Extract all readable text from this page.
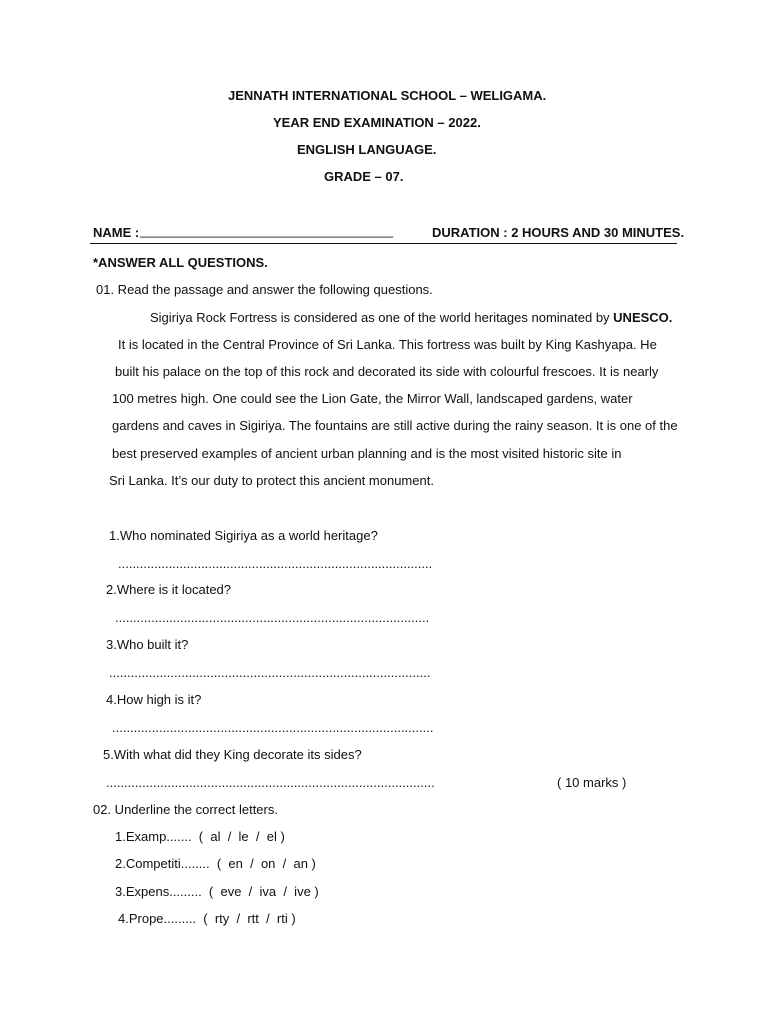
JENNATH INTERNATIONAL SCHOOL – WELIGAMA.
YEAR END EXAMINATION – 2022.
ENGLISH LANGUAGE.
GRADE – 07.
NAME : ___________________________________	DURATION : 2 HOURS AND 30 MINUTES.
*ANSWER ALL QUESTIONS.
01. Read the passage and answer the following questions.
Sigiriya Rock Fortress is considered as one of the world heritages nominated by UNESCO.
It is located in the Central Province of Sri Lanka. This fortress was built by King Kashyapa. He
built his palace on the top of this rock and decorated its side with colourful frescoes. It is nearly
100 metres high. One could see the Lion Gate, the Mirror Wall, landscaped gardens, water
gardens and caves in Sigiriya. The fountains are still active during the rainy season. It is one of the
best preserved examples of ancient urban planning and is the most visited historic site in
Sri Lanka. It’s our duty to protect this ancient monument.
1.Who nominated Sigiriya as a world heritage?
.......................................................................................
2.Where is it located?
.......................................................................................
3.Who built it?
.........................................................................................
4.How high is it?
.........................................................................................
5.With what did they King decorate its sides?
...........................................................................................	( 10 marks )
02. Underline the correct letters.
1.Examp.......  (  al  /  le  /  el )
2.Competiti........  (  en  /  on  /  an )
3.Expens.........  (  eve  /  iva  /  ive )
4.Prope.........  (  rty  /  rtt  /  rti )
